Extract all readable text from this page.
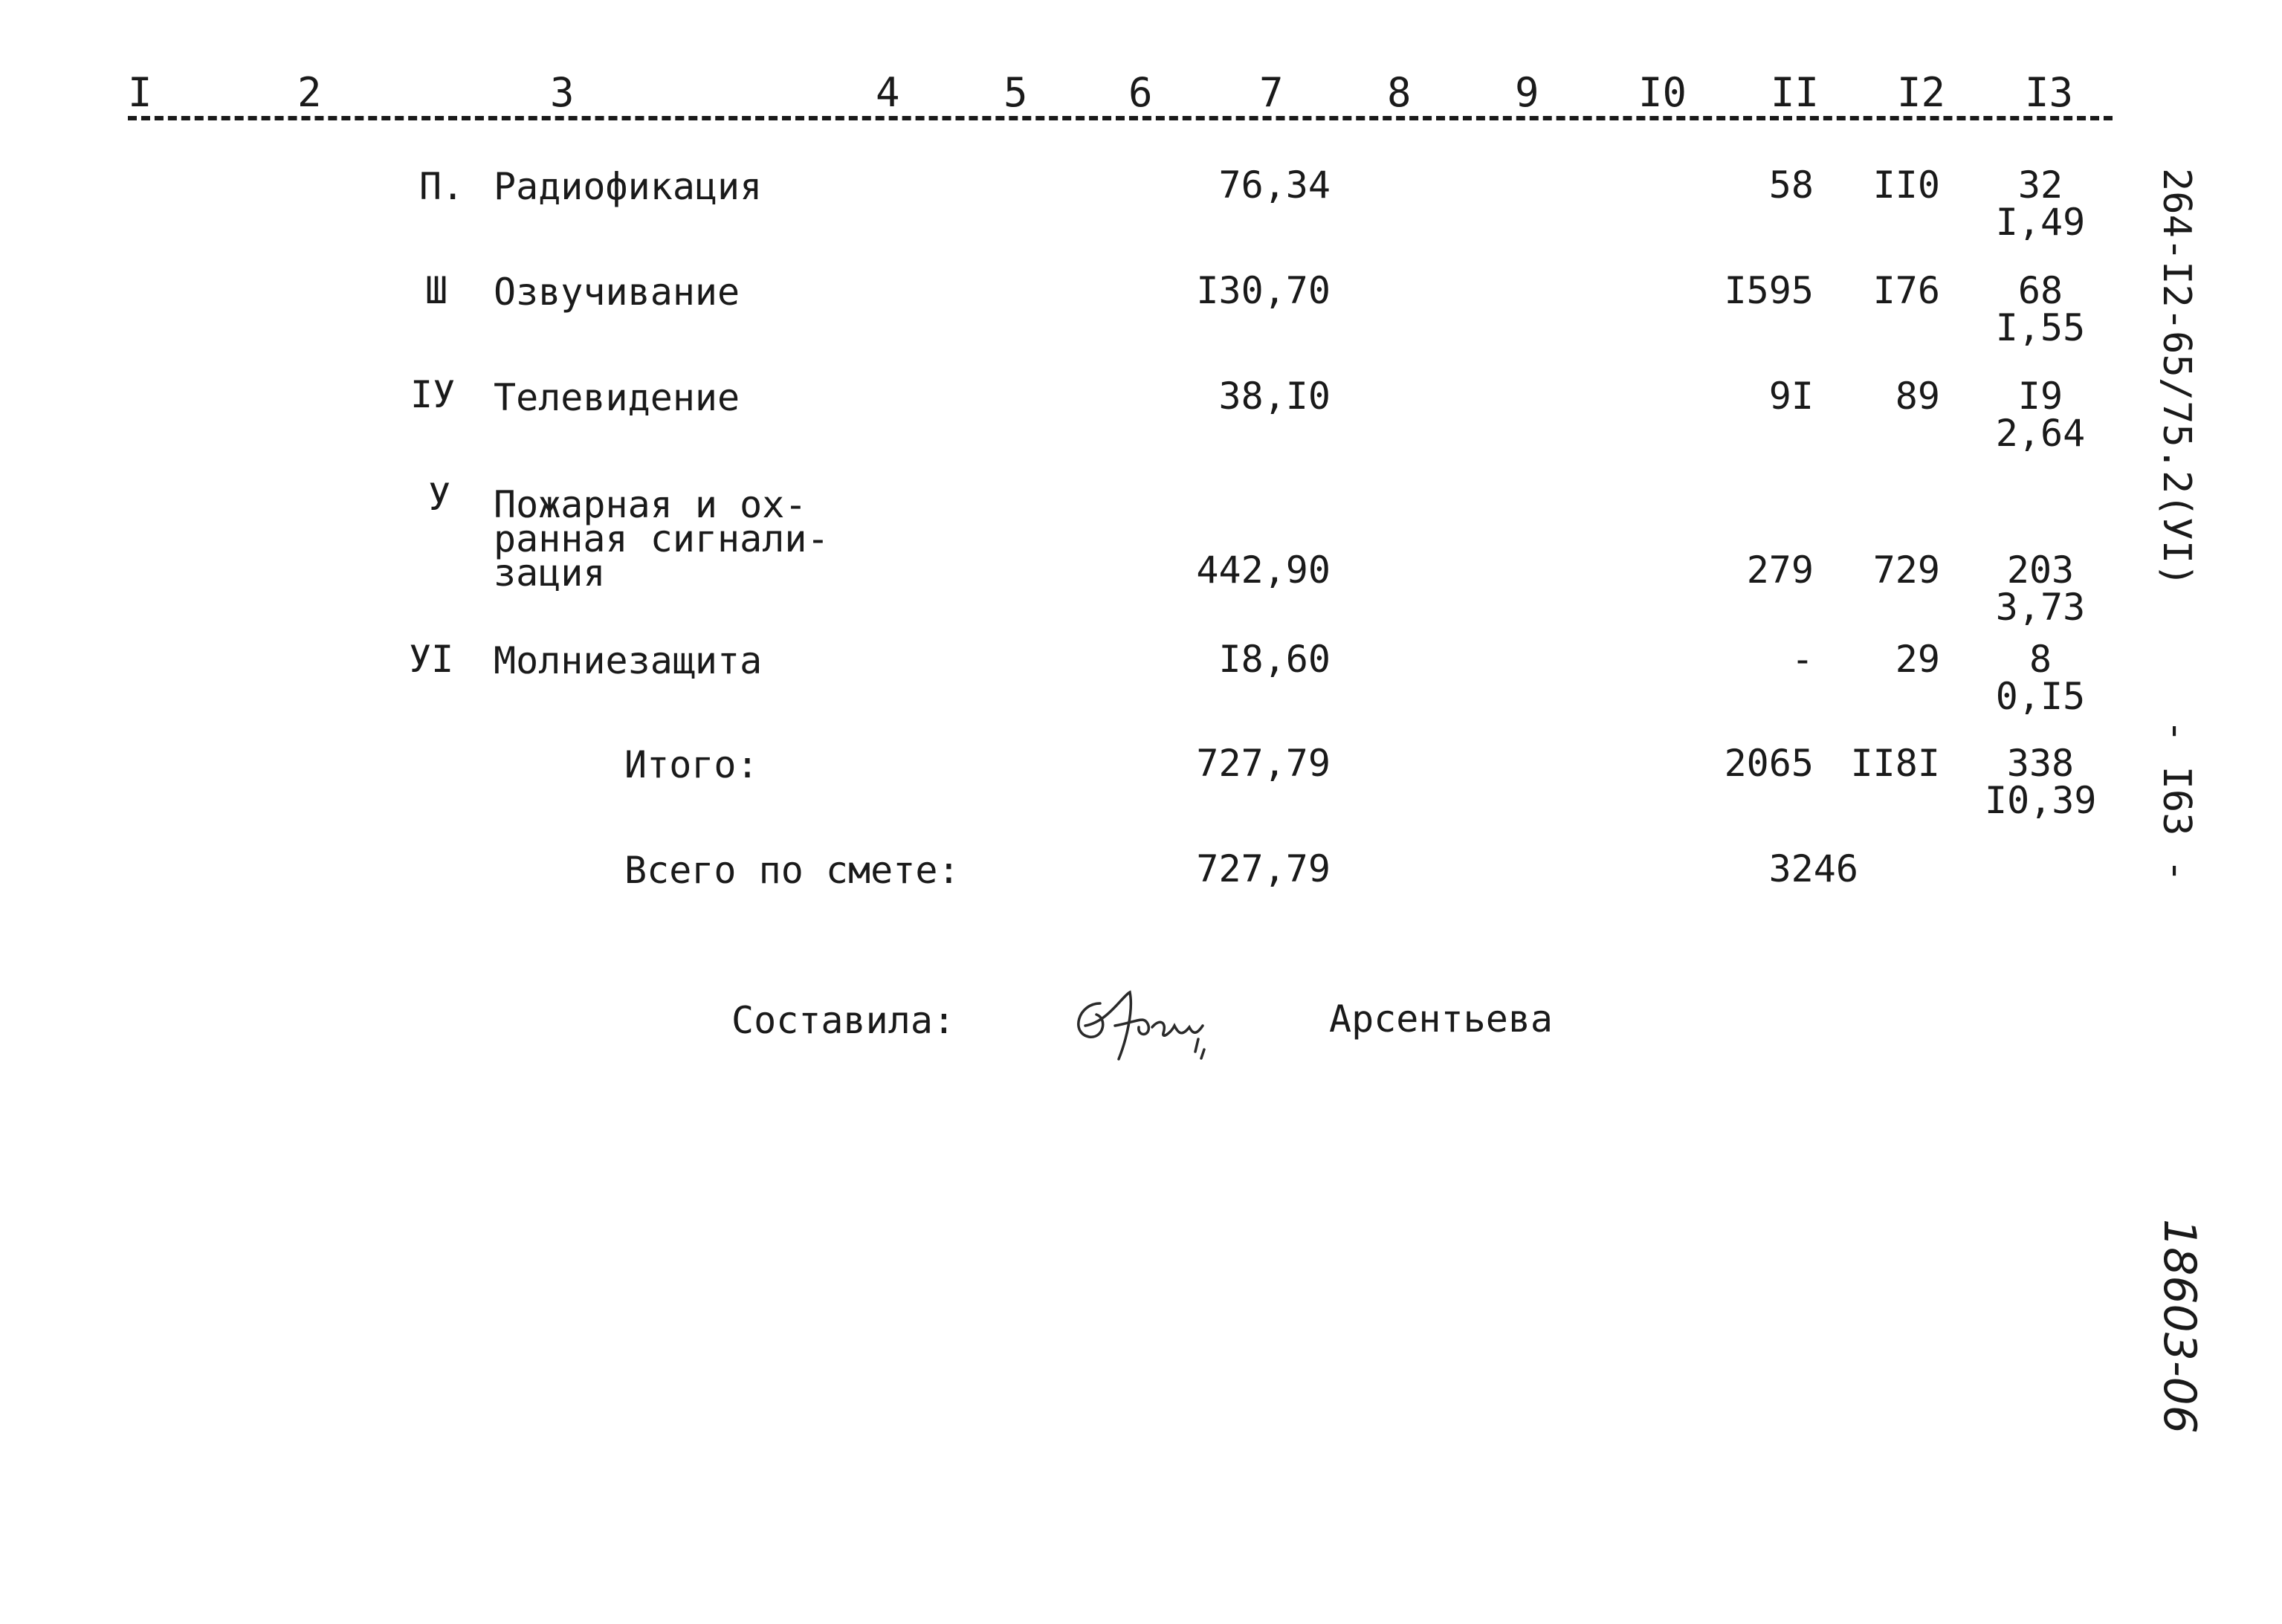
I	2	3	4	5	6	7	8	9 I0 II I2 I3
П. Радиофикация	76,34	58	II0	32
I,49
Ш Озвучивание	I30,70	I595	I76	68
I,55
IУ Телевидение	38,I0	9I	89	I9
2,64
У Пожарная и ох-
ранная сигнали-
зация	442,90	279	729	203
3,73
УI Молниезащита	I8,60	-	29	8
0,I5
Итого:	727,79	2065 II8I	338
I0,39
Всего по смете:	727,79	3246
Составила:	Арсентьева
264-I2-65/75.2(УI)
- I63 -
18603-06
